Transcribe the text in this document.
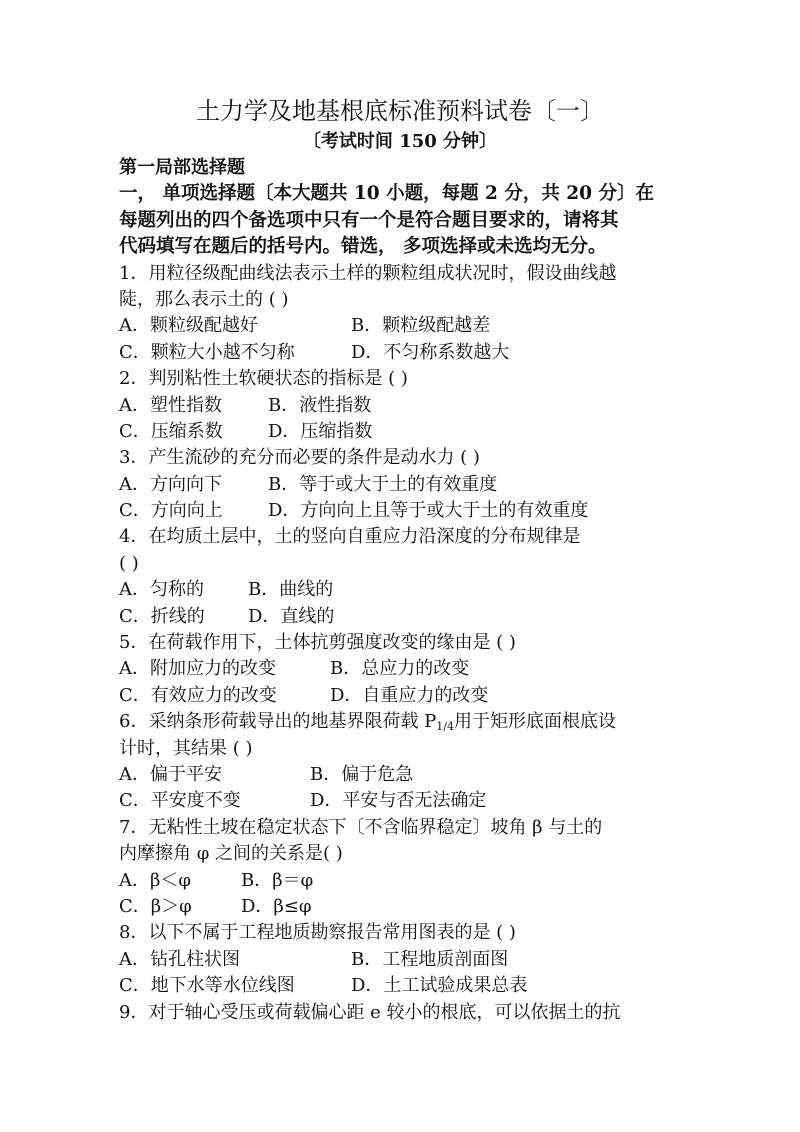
土力学及地基根底标准预料试卷〔一〕
〔考试时间 150 分钟〕
第一局部选择题
一， 单项选择题〔本大题共 10 小题，每题 2 分，共 20 分〕在
每题列出的四个备选项中只有一个是符合题目要求的，请将其
代码填写在题后的括号内。错选， 多项选择或未选均无分。
1．用粒径级配曲线法表示土样的颗粒组成状况时，假设曲线越
陡，那么表示土的 ( )
A．颗粒级配越好	B．颗粒级配越差
C．颗粒大小越不匀称	D．不匀称系数越大
2．判别粘性土软硬状态的指标是 ( )
A．塑性指数	B．液性指数
C．压缩系数	D．压缩指数
3．产生流砂的充分而必要的条件是动水力 ( )
A．方向向下	B．等于或大于土的有效重度
C．方向向上	D．方向向上且等于或大于土的有效重度
4．在均质土层中，土的竖向自重应力沿深度的分布规律是
( )
A．匀称的 B．曲线的
C．折线的 D．直线的
5．在荷载作用下，土体抗剪强度改变的缘由是 ( )
A．附加应力的改变	B．总应力的改变
C．有效应力的改变	D．自重应力的改变
6．采纳条形荷载导出的地基界限荷载 $P_{1/4}$用于矩形底面根底设
计时，其结果 ( )
A．偏于平安	B．偏于危急
C．平安度不变	D．平安与否无法确定
7．无粘性土坡在稳定状态下〔不含临界稳定〕坡角 β 与土的
内摩擦角 φ 之间的关系是( )
A．β＜φ	B．β＝φ
C．β＞φ	D．β≤φ
8．以下不属于工程地质勘察报告常用图表的是 ( )
A．钻孔柱状图	B．工程地质剖面图
C．地下水等水位线图	D．土工试验成果总表
9．对于轴心受压或荷载偏心距 e 较小的根底，可以依据土的抗
